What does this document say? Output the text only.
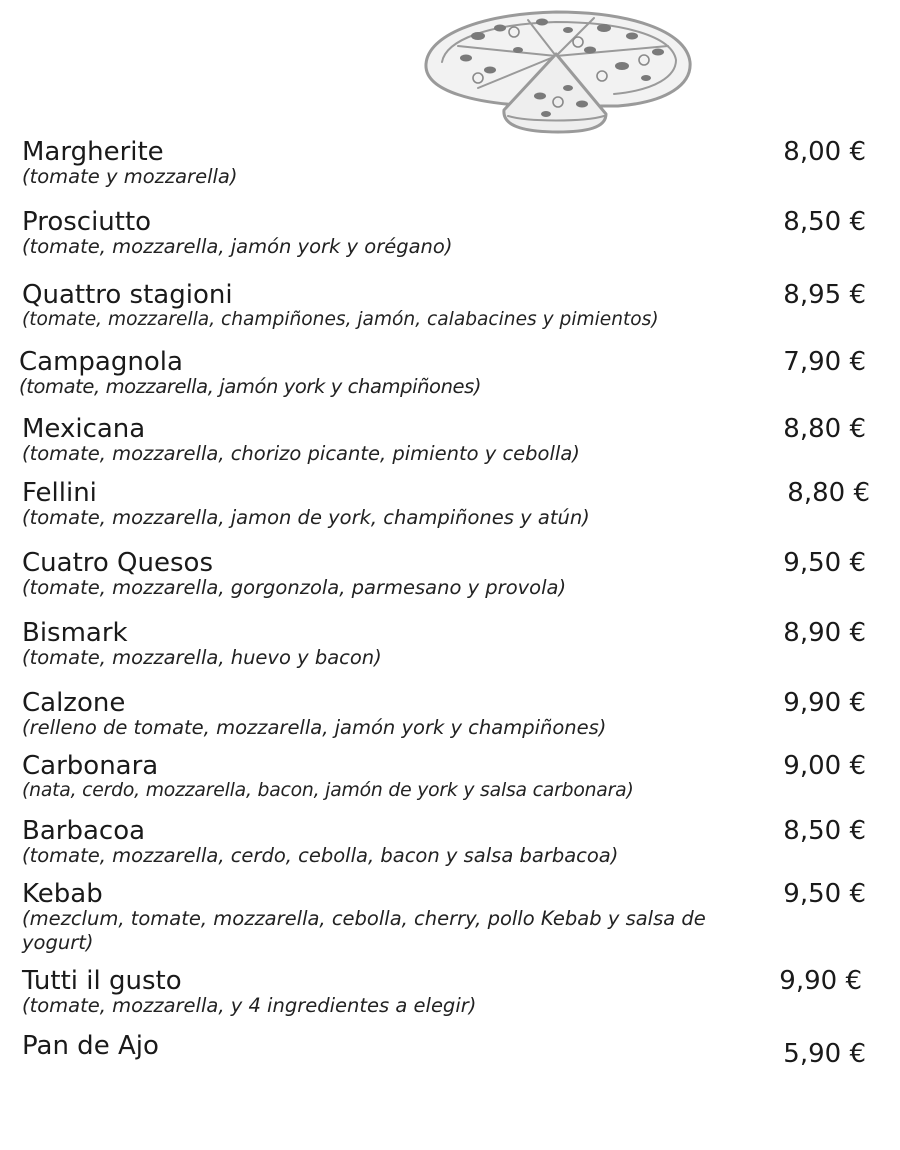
Margherite
(tomate y mozzarella)
8,00 €
Prosciutto
(tomate, mozzarella, jamón york y orégano)
8,50 €
Quattro stagioni
(tomate, mozzarella, champiñones, jamón, calabacines y pimientos)
8,95 €
Campagnola
(tomate, mozzarella, jamón york y champiñones)
7,90 €
Mexicana
(tomate, mozzarella, chorizo picante, pimiento y cebolla)
8,80 €
Fellini
(tomate, mozzarella, jamon de york, champiñones y atún)
8,80 €
Cuatro Quesos
(tomate, mozzarella, gorgonzola, parmesano y provola)
9,50 €
Bismark
(tomate, mozzarella, huevo y bacon)
8,90 €
Calzone
(relleno de tomate, mozzarella, jamón york y champiñones)
9,90 €
Carbonara
(nata, cerdo, mozzarella, bacon, jamón de york y salsa carbonara)
9,00 €
Barbacoa
(tomate, mozzarella, cerdo, cebolla, bacon y salsa barbacoa)
8,50 €
Kebab
(mezclum, tomate, mozzarella, cebolla, cherry, pollo Kebab y salsa de yogurt)
9,50 €
Tutti il gusto
(tomate, mozzarella, y 4 ingredientes a elegir)
9,90 €
Pan de Ajo	5,90 €
